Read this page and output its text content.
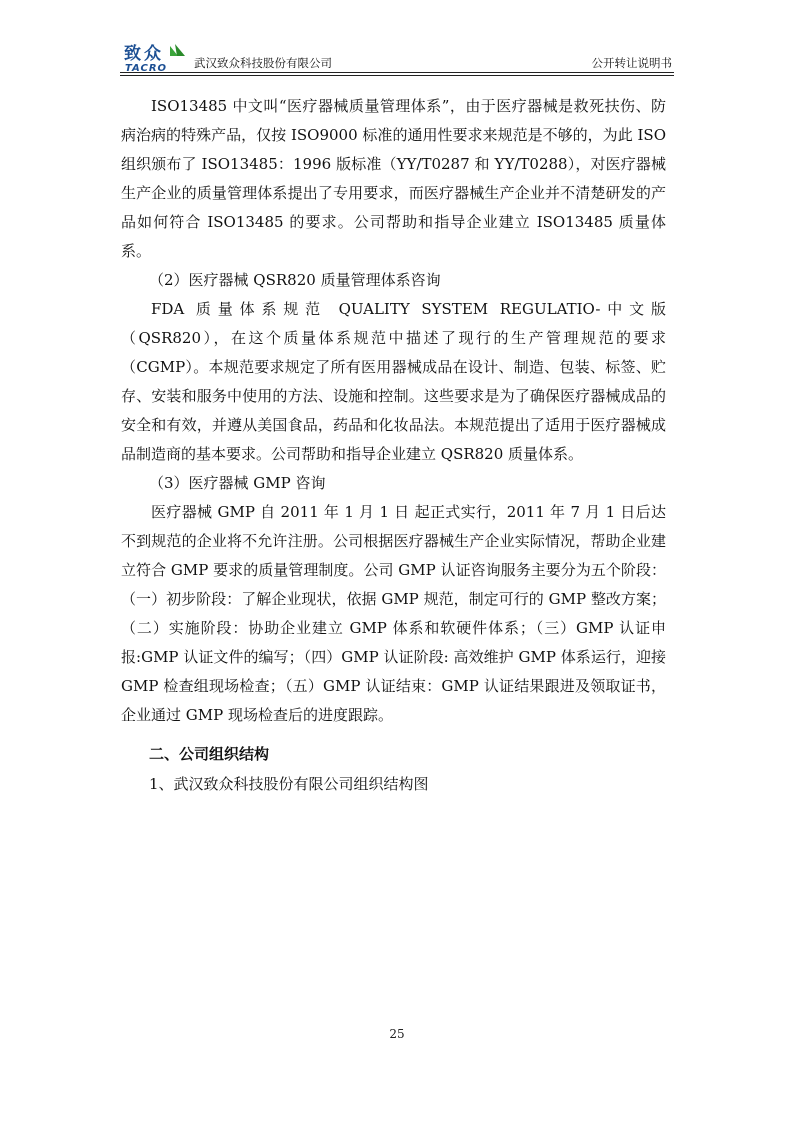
致 众
TACRO 武汉致众科技股份有限公司	公开转让说明书

ISO13485 中文叫“医疗器械质量管理体系”，由于医疗器械是救死扶伤、防病治病的特殊产品，仅按 ISO9000 标准的通用性要求来规范是不够的，为此 ISO 组织颁布了 ISO13485：1996 版标准（YY/T0287 和 YY/T0288），对医疗器械生产企业的质量管理体系提出了专用要求，而医疗器械生产企业并不清楚研发的产品如何符合 ISO13485 的要求。公司帮助和指导企业建立 ISO13485 质量体系。

（2）医疗器械 QSR820 质量管理体系咨询

FDA 质量体系规范 QUALITY SYSTEM REGULATIO-中文版（QSR820），在这个质量体系规范中描述了现行的生产管理规范的要求（CGMP）。本规范要求规定了所有医用器械成品在设计、制造、包装、标签、贮存、安装和服务中使用的方法、设施和控制。这些要求是为了确保医疗器械成品的安全和有效，并遵从美国食品，药品和化妆品法。本规范提出了适用于医疗器械成品制造商的基本要求。公司帮助和指导企业建立 QSR820 质量体系。

（3）医疗器械 GMP 咨询

医疗器械 GMP 自 2011 年 1 月 1 日 起正式实行，2011 年 7 月 1 日后达不到规范的企业将不允许注册。公司根据医疗器械生产企业实际情况，帮助企业建立符合 GMP 要求的质量管理制度。公司 GMP 认证咨询服务主要分为五个阶段：（一）初步阶段：了解企业现状，依据 GMP 规范，制定可行的 GMP 整改方案；（二）实施阶段：协助企业建立 GMP 体系和软硬件体系；（三）GMP 认证申报:GMP 认证文件的编写；（四）GMP 认证阶段: 高效维护 GMP 体系运行，迎接 GMP 检查组现场检查；（五）GMP 认证结束：GMP 认证结果跟进及领取证书，企业通过 GMP 现场检查后的进度跟踪。

二、公司组织结构

1、武汉致众科技股份有限公司组织结构图

25
